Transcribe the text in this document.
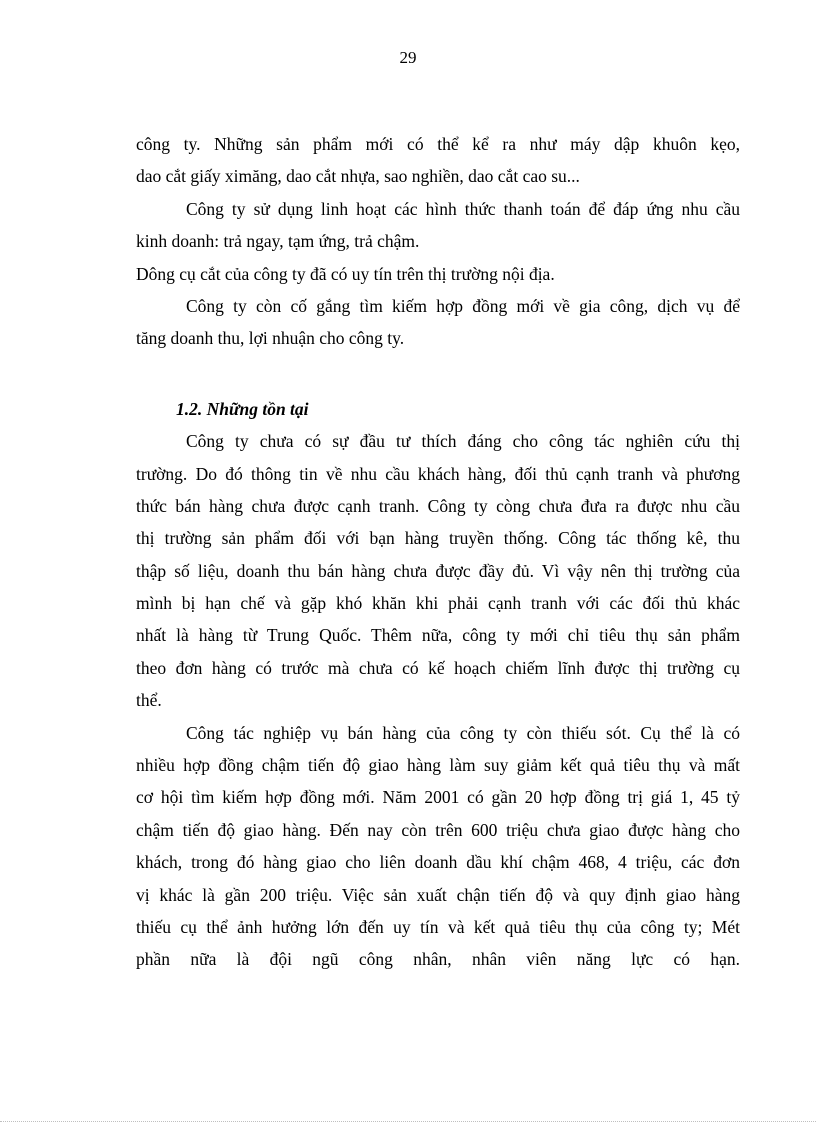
29
công ty. Những sản phẩm mới có thể kể ra như máy dập khuôn kẹo,
dao cắt giấy ximăng, dao cắt nhựa, sao nghiền, dao cắt cao su...
Công ty sử dụng linh hoạt các hình thức thanh toán để đáp ứng nhu cầu
kinh doanh: trả ngay, tạm ứng, trả chậm.
Dông cụ cắt của công ty đã có uy tín trên thị trường nội địa.
Công ty còn cố gắng tìm kiếm hợp đồng mới về gia công, dịch vụ để
tăng doanh thu, lợi nhuận cho công ty.
1.2. Những tồn tại
Công ty chưa có sự đầu tư thích đáng cho công tác nghiên cứu thị
trường. Do đó thông tin về nhu cầu khách hàng, đối thủ cạnh tranh và phương
thức bán hàng chưa được cạnh tranh. Công ty còng chưa đưa ra được nhu cầu
thị trường sản phẩm đối với bạn hàng truyền thống. Công tác thống kê, thu
thập số liệu, doanh thu bán hàng chưa được đầy đủ. Vì vậy nên thị trường của
mình bị hạn chế và gặp khó khăn khi phải cạnh tranh với các đối thủ khác
nhất là hàng từ Trung Quốc. Thêm nữa, công ty mới chỉ tiêu thụ sản phẩm
theo đơn hàng có trước mà chưa có kế hoạch chiếm lĩnh được thị trường cụ
thể.
Công tác nghiệp vụ bán hàng của công ty còn thiếu sót. Cụ thể là có
nhiều hợp đồng chậm tiến độ giao hàng làm suy giảm kết quả tiêu thụ và mất
cơ hội tìm kiếm hợp đồng mới. Năm 2001 có gần 20 hợp đồng trị giá 1, 45 tỷ
chậm tiến độ giao hàng. Đến nay còn trên 600 triệu chưa giao được hàng cho
khách, trong đó hàng giao cho liên doanh dầu khí chậm 468, 4 triệu, các đơn
vị khác là gần 200 triệu. Việc sản xuất chận tiến độ và quy định giao hàng
thiếu cụ thể ảnh hưởng lớn đến uy tín và kết quả tiêu thụ của công ty; Mét
phần nữa là đội ngũ công nhân, nhân viên năng lực có hạn.
